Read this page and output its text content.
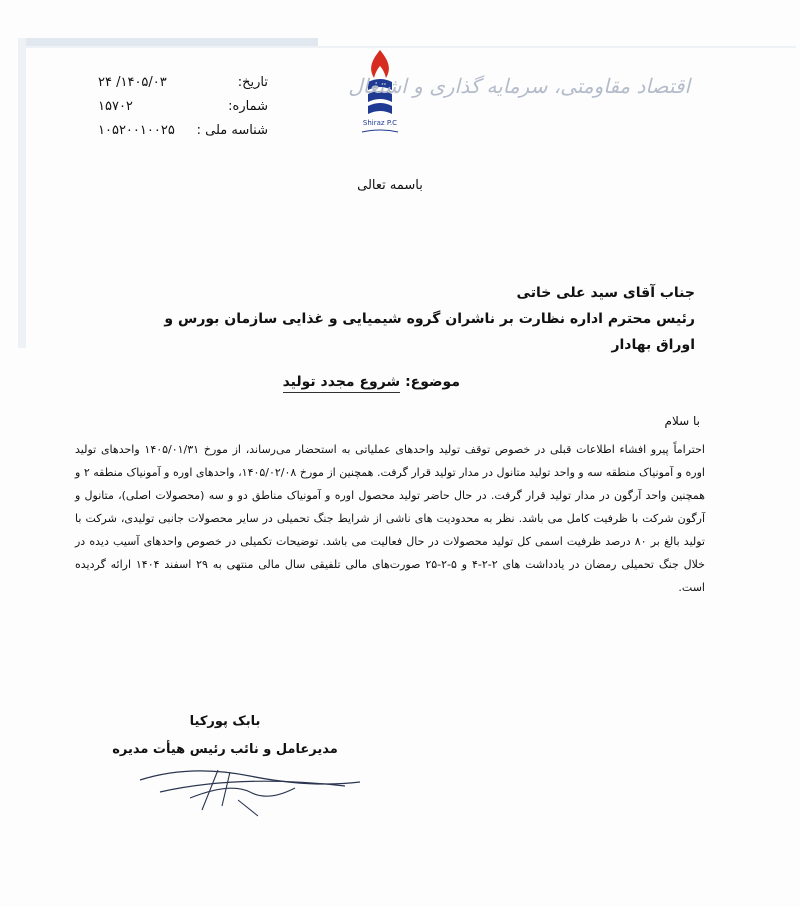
تاریخ:
۱۴۰۵/۰۳/ ۲۴
شماره:
۱۵۷۰۲
شناسه ملی :
۱۰۵۲۰۰۱۰۰۲۵	Shiraz P.C
اقتصاد مقاومتی، سرمایه گذاری و اشتغال
باسمه تعالی
جناب آقای سید علی خاتی
رئیس محترم اداره نظارت بر ناشران گروه شیمیایی و غذایی سازمان بورس و اوراق بهادار
موضوع: شروع مجدد تولید
با سلام
احتراماً پیرو افشاء اطلاعات قبلی در خصوص توقف تولید واحدهای عملیاتی به استحضار می‌رساند، از مورخ ۱۴۰۵/۰۱/۳۱ واحدهای تولید اوره و آمونیاک منطقه سه و واحد تولید متانول در مدار تولید قرار گرفت. همچنین از مورخ ۱۴۰۵/۰۲/۰۸، واحدهای اوره و آمونیاک منطقه ۲ و همچنین واحد آرگون در مدار تولید قرار گرفت. در حال حاضر تولید محصول اوره و آمونیاک مناطق دو و سه (محصولات اصلی)، متانول و آرگون شرکت با ظرفیت کامل می باشد. نظر به محدودیت های ناشی از شرایط جنگ تحمیلی در سایر محصولات جانبی تولیدی، شرکت با تولید بالغ بر ۸۰ درصد ظرفیت اسمی کل تولید محصولات در حال فعالیت می باشد. توضیحات تکمیلی در خصوص واحدهای آسیب دیده در خلال جنگ تحمیلی رمضان در یادداشت های ۲-۲-۴ و ۵-۲-۲۵ صورت‌های مالی تلفیقی سال مالی منتهی به ۲۹ اسفند ۱۴۰۴ ارائه گردیده است.
بابک پورکیا
مدیرعامل و نائب رئیس هیأت مدیره
